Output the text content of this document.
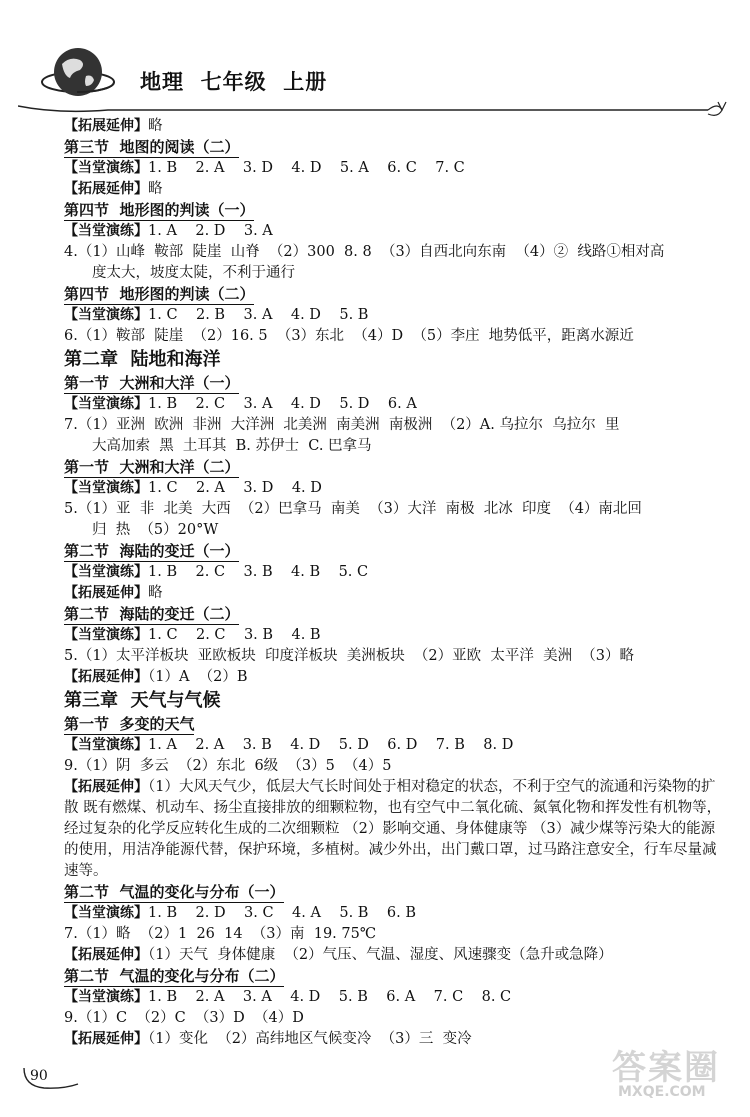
地理  七年级  上册
【拓展延伸】略
第三节  地图的阅读（二）
【当堂演练】1. B    2. A    3. D    4. D    5. A    6. C    7. C
【拓展延伸】略
第四节  地形图的判读（一）
【当堂演练】1. A    2. D    3. A
4.（1）山峰  鞍部  陡崖  山脊  （2）300  8. 8  （3）自西北向东南  （4）②  线路①相对高
度太大，坡度太陡，不利于通行
第四节  地形图的判读（二）
【当堂演练】1. C    2. B    3. A    4. D    5. B
6.（1）鞍部  陡崖  （2）16. 5  （3）东北  （4）D  （5）李庄  地势低平，距离水源近
第二章  陆地和海洋
第一节  大洲和大洋（一）
【当堂演练】1. B    2. C    3. A    4. D    5. D    6. A
7.（1）亚洲  欧洲  非洲  大洋洲  北美洲  南美洲  南极洲  （2）A. 乌拉尔  乌拉尔  里
大高加索  黑  土耳其  B. 苏伊士  C. 巴拿马
第一节  大洲和大洋（二）
【当堂演练】1. C    2. A    3. D    4. D
5.（1）亚  非  北美  大西  （2）巴拿马  南美  （3）大洋  南极  北冰  印度  （4）南北回
归  热  （5）20°W
第二节  海陆的变迁（一）
【当堂演练】1. B    2. C    3. B    4. B    5. C
【拓展延伸】略
第二节  海陆的变迁（二）
【当堂演练】1. C    2. C    3. B    4. B
5.（1）太平洋板块  亚欧板块  印度洋板块  美洲板块  （2）亚欧  太平洋  美洲  （3）略
【拓展延伸】（1）A  （2）B
第三章  天气与气候
第一节  多变的天气
【当堂演练】1. A    2. A    3. B    4. D    5. D    6. D    7. B    8. D
9.（1）阴  多云  （2）东北  6级  （3）5  （4）5
【拓展延伸】（1）大风天气少，低层大气长时间处于相对稳定的状态，不利于空气的流通和污染物的扩散 既有燃煤、机动车、扬尘直接排放的细颗粒物，也有空气中二氧化硫、氮氧化物和挥发性有机物等，经过复杂的化学反应转化生成的二次细颗粒 （2）影响交通、身体健康等 （3）减少煤等污染大的能源的使用，用洁净能源代替，保护环境，多植树。减少外出，出门戴口罩，过马路注意安全，行车尽量减速等。
第二节  气温的变化与分布（一）
【当堂演练】1. B    2. D    3. C    4. A    5. B    6. B
7.（1）略  （2）1  26  14  （3）南  19. 75℃
【拓展延伸】（1）天气  身体健康  （2）气压、气温、湿度、风速骤变（急升或急降）
第二节  气温的变化与分布（二）
【当堂演练】1. B    2. A    3. A    4. D    5. B    6. A    7. C    8. C
9.（1）C  （2）C  （3）D  （4）D
【拓展延伸】（1）变化  （2）高纬地区气候变冷  （3）三  变冷
90	答案圈
MXQE.COM
